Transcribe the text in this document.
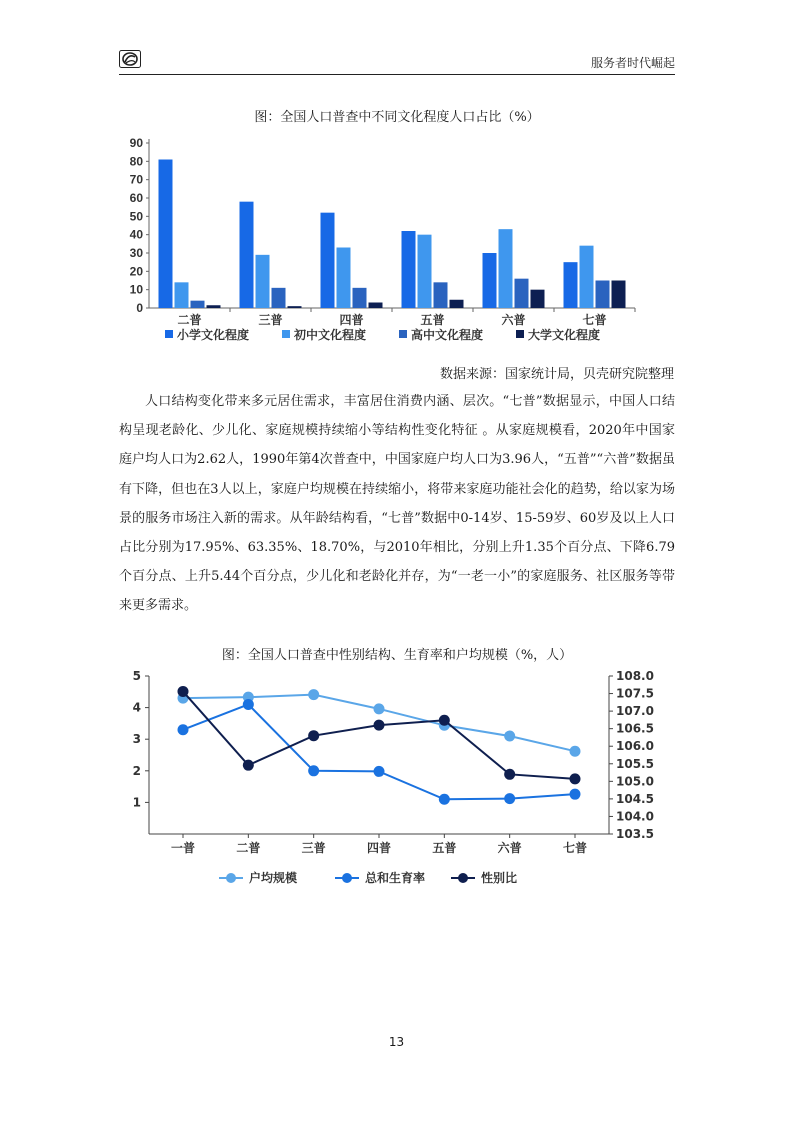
服务者时代崛起
图：全国人口普查中不同文化程度人口占比（%）
0
10
20
30
40
50
60
70
80
90
二普	三普	四普	五普	六普	七普
小学文化程度	初中文化程度	高中文化程度	大学文化程度
数据来源：国家统计局，贝壳研究院整理

人口结构变化带来多元居住需求，丰富居住消费内涵、层次。“七普”数据显示，中国人口结构呈现老龄化、少儿化、家庭规模持续缩小等结构性变化特征 。从家庭规模看，2020年中国家庭户均人口为2.62人，1990年第4次普查中，中国家庭户均人口为3.96人，“五普”“六普”数据虽有下降，但也在3人以上，家庭户均规模在持续缩小，将带来家庭功能社会化的趋势，给以家为场景的服务市场注入新的需求。从年龄结构看，“七普”数据中0-14岁、15-59岁、60岁及以上人口占比分别为17.95%、63.35%、18.70%，与2010年相比，分别上升1.35个百分点、下降6.79个百分点、上升5.44个百分点，少儿化和老龄化并存，为“一老一小”的家庭服务、社区服务等带来更多需求。

图：全国人口普查中性别结构、生育率和户均规模（%，人）
1
2
3
4
5
103.5
104.0
104.5
105.0
105.5
106.0
106.5
107.0
107.5
108.0
一普	二普	三普	四普	五普	六普	七普
户均规模	总和生育率	性别比
13
